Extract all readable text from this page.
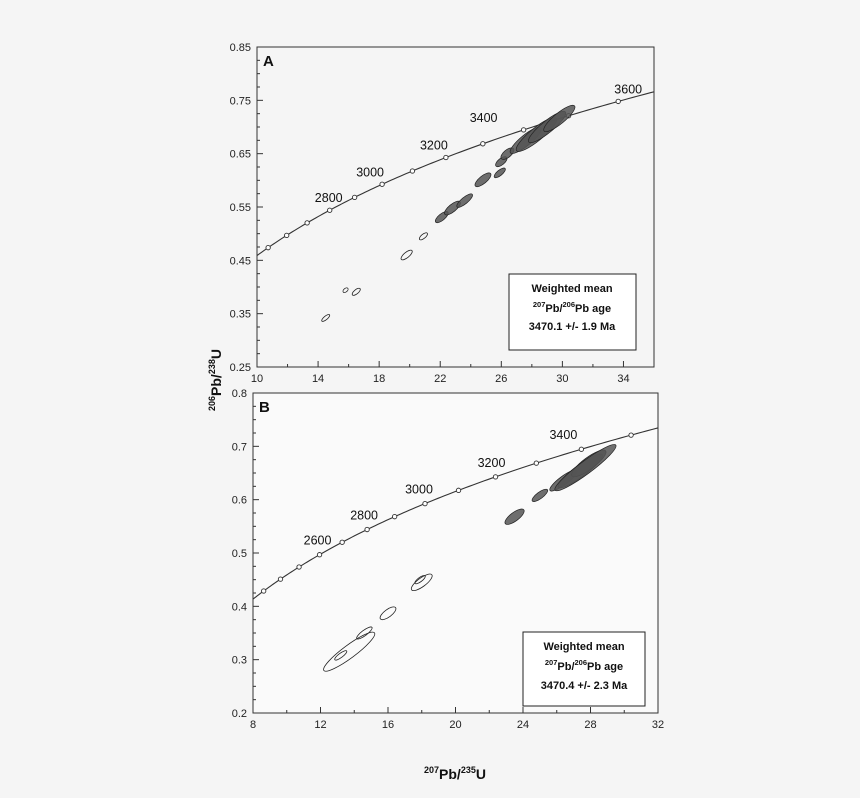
10	14	18	22	26	30	34
0.85
0.75
0.65
0.55
0.45
0.35
0.25
2800
3000
3200
3400
3600
A
Weighted mean
$^{207}$Pb/$^{206}$Pb age
3470.1 +/- 1.9 Ma
8	12	16	20	24	28	32
0.8
0.7
0.6
0.5
0.4
0.3
0.2
2600
2800
3000
3200
3400
B
Weighted mean
$^{207}$Pb/$^{206}$Pb age
3470.4 +/- 2.3 Ma
$^{206}$Pb/$^{238}$U
$^{207}$Pb/$^{235}$U
